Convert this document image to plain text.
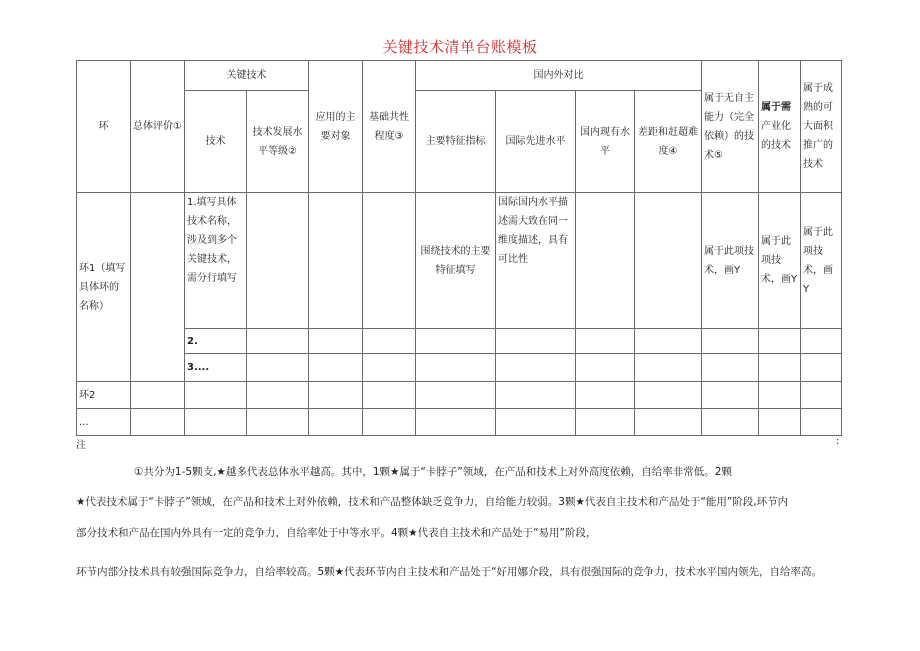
关键技术清单台账模板
环	总体评价①	关键技术		应用的主要对象	基础共性程度③	国内外对比				属于无自主能力（完全依赖）的技术⑤	属于需产业化的技术	属于成熟的可大面积推广的技术
		技术	技术发展水平等级②			主要特征指标	国际先进水平	国内现有水平	差距和赶超难度④			
环1（填写具体环的名称）		1.填写具体技术名称，涉及到多个关键技术，需分行填写				围绕技术的主要特征填写	国际国内水平描述需大致在同一维度描述，具有可比性			属于此项技术，画Y	属于此项技术，画Y	属于此项技术，画Y
		2.										
		3....										
环2												
...												
注	:
①共分为1-5颗支,★越多代表总体水平越高。其中，1颗★属于“卡脖子”领域，在产品和技术上对外高度依赖，自给率非常低。2颗
★代表技术属于“卡脖子”领域，在产品和技术上对外依赖，技术和产品整体缺乏竞争力，自给能力较弱。3颗★代表自主技术和产品处于“能用”阶段,环节内
部分技术和产品在国内外具有一定的竞争力，自给率处于中等水平。4颗★代表自主技术和产品处于“易用”阶段，
环节内部分技术具有较强国际竞争力，自给率较高。5颗★代表环节内自主技术和产品处于“好用娜介段，具有很强国际的竞争力，技术水平国内领先，自给率高。
